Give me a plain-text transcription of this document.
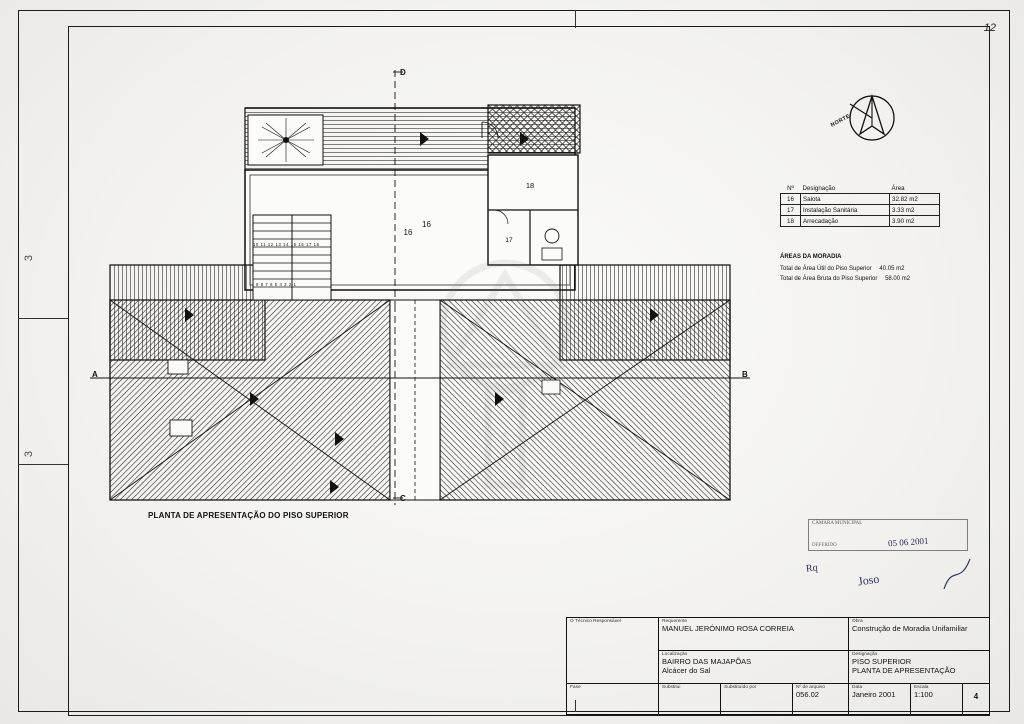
3
3
12
16
18
17
D
C
A	B
16
10 11 12 13 14 15 16 17 18
9 8 7 6 5 4 3 2 1
i
PLANTA DE APRESENTAÇÃO DO PISO SUPERIOR
NORTE
Nº	Designação	Área
16	Salota	32.82 m2
17	Instalação Sanitária	3.33 m2
18	Arrecadação	3.90 m2
ÁREAS DA MORADIA
Total de Área Útil do Piso Superior 40.05 m2
Total de Área Bruta do Piso Superior 58.00 m2
CÂMARA MUNICIPAL
05 06 2001
Rq
Joso
DEFERIDO
O Técnico Responsável	Requerente
MANUEL JERÓNIMO ROSA CORREIA
Obra
Construção de Moradia Unifamiliar
Localização
BAIRRO DAS MAJAPÕAS
Alcácer do Sal
Designação
PISO SUPERIOR
PLANTA DE APRESENTAÇÃO
Fase	Substitui	Substituído por	Nº de arquivo
056.02
Data
Janeiro 2001
Escala
1:100	4
